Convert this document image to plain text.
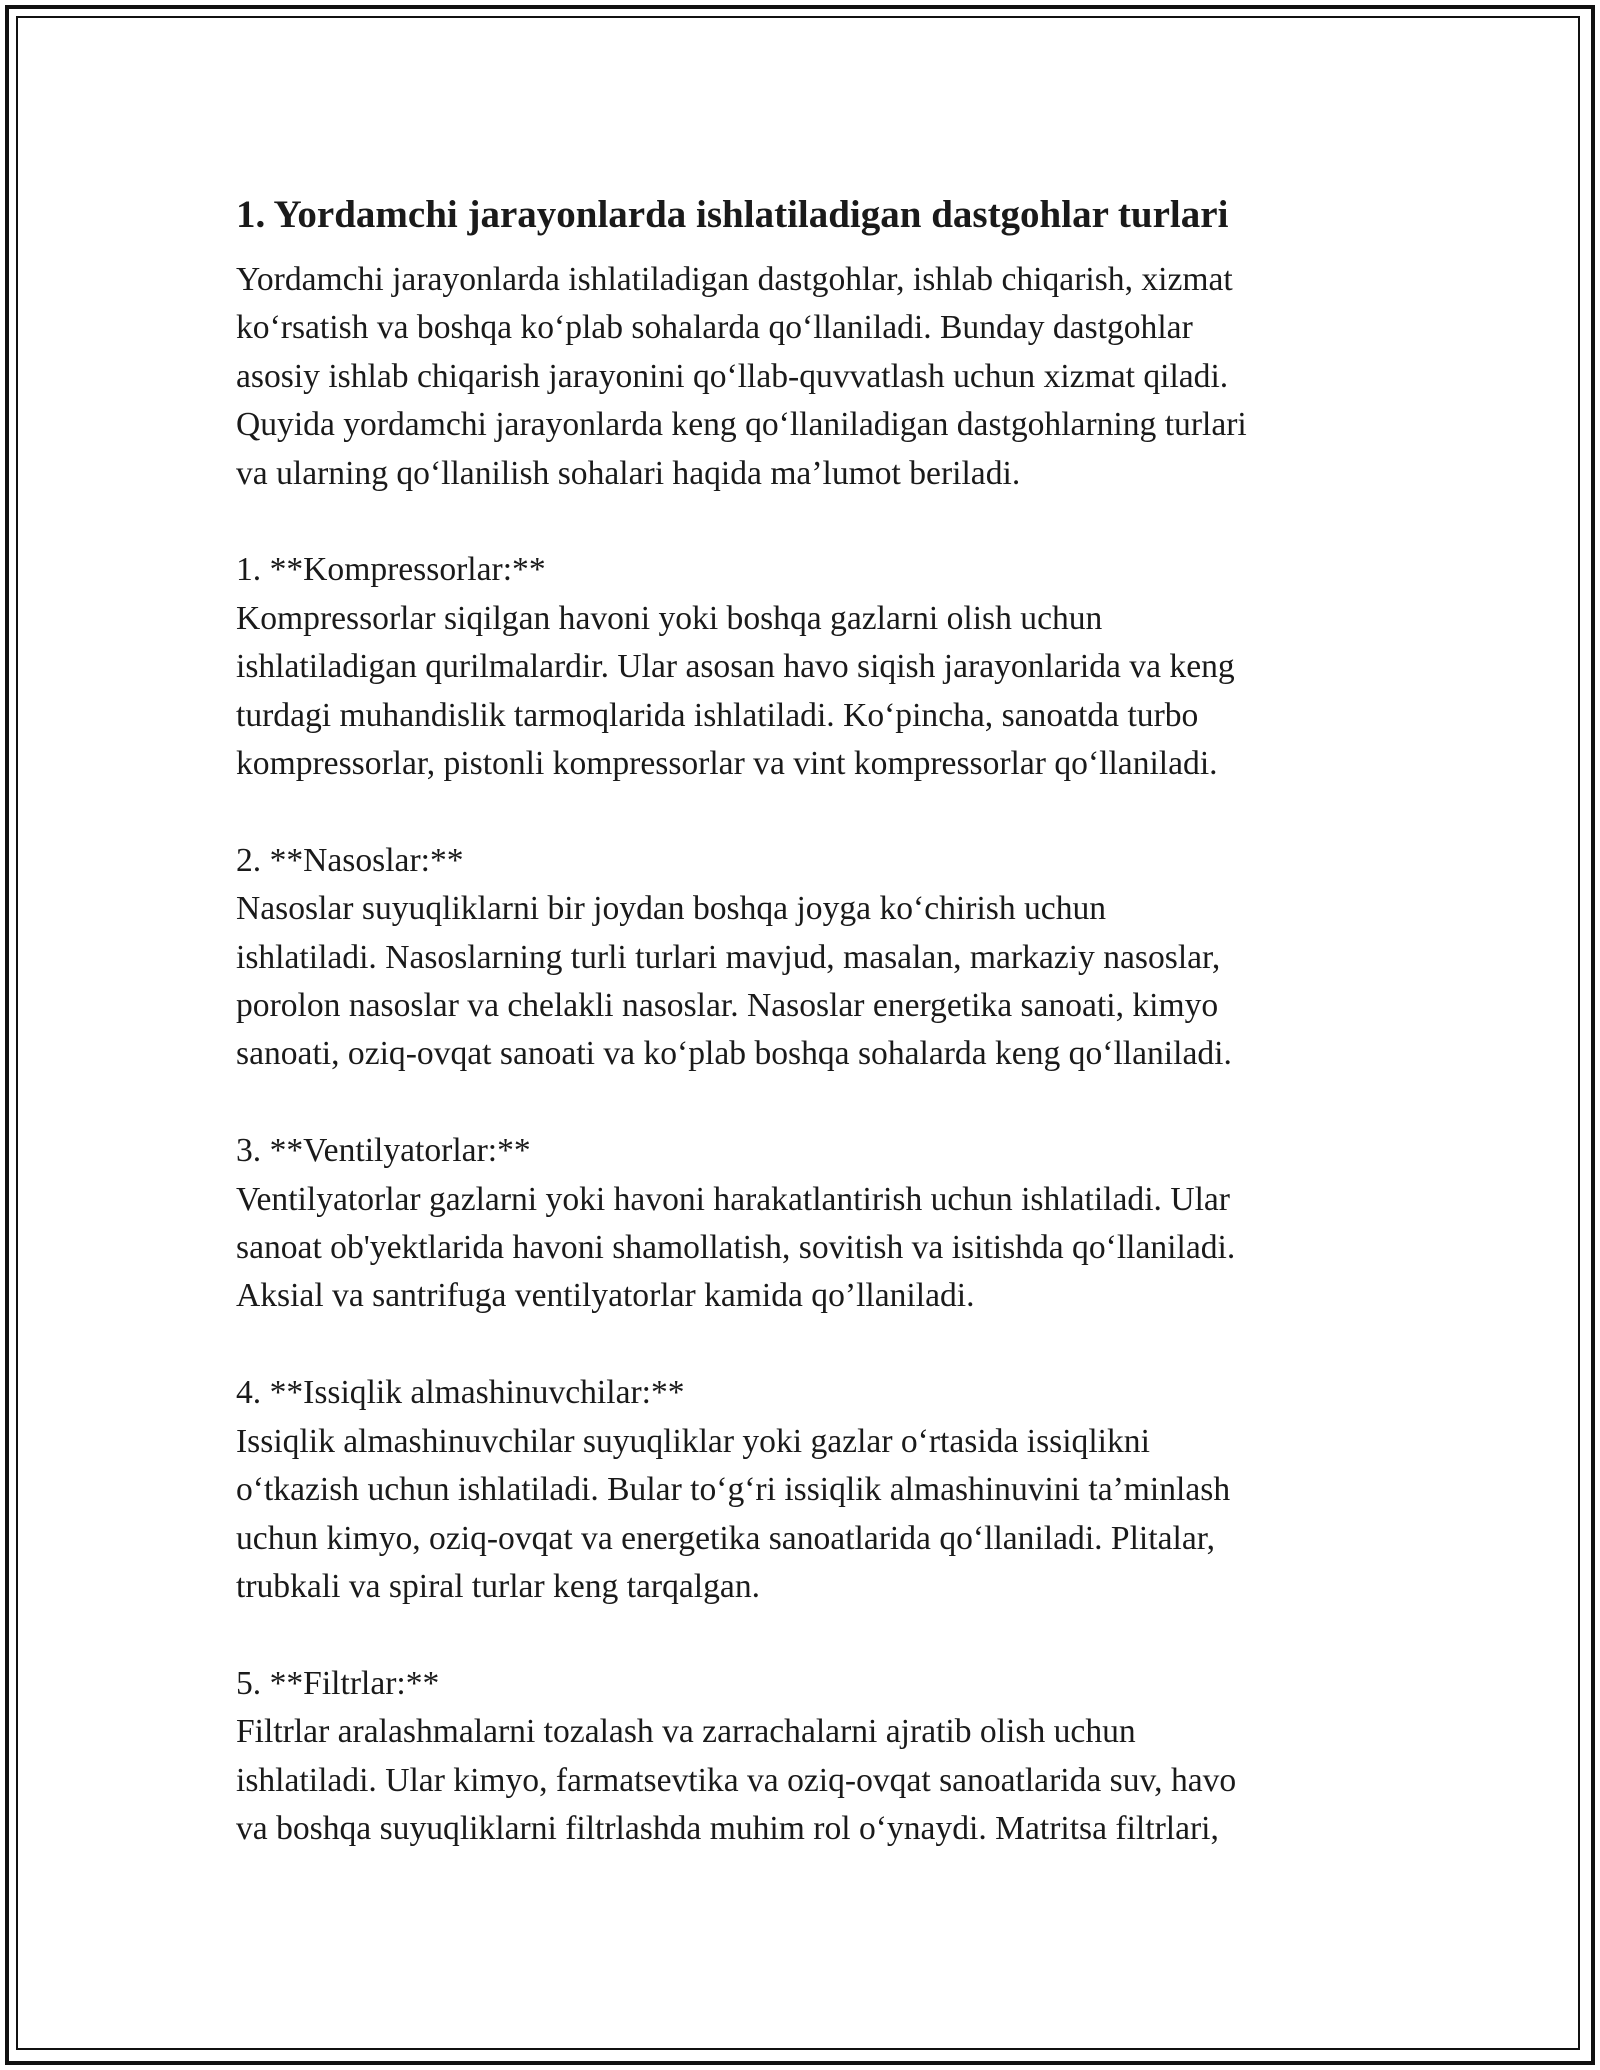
1. Yordamchi jarayonlarda ishlatiladigan dastgohlar turlari

Yordamchi jarayonlarda ishlatiladigan dastgohlar, ishlab chiqarish, xizmat
ko‘rsatish va boshqa ko‘plab sohalarda qo‘llaniladi. Bunday dastgohlar
asosiy ishlab chiqarish jarayonini qo‘llab-quvvatlash uchun xizmat qiladi.
Quyida yordamchi jarayonlarda keng qo‘llaniladigan dastgohlarning turlari
va ularning qo‘llanilish sohalari haqida ma’lumot beriladi.

1. **Kompressorlar:**

Kompressorlar siqilgan havoni yoki boshqa gazlarni olish uchun
ishlatiladigan qurilmalardir. Ular asosan havo siqish jarayonlarida va keng
turdagi muhandislik tarmoqlarida ishlatiladi. Ko‘pincha, sanoatda turbo
kompressorlar, pistonli kompressorlar va vint kompressorlar qo‘llaniladi.

2. **Nasoslar:**

Nasoslar suyuqliklarni bir joydan boshqa joyga ko‘chirish uchun
ishlatiladi. Nasoslarning turli turlari mavjud, masalan, markaziy nasoslar,
porolon nasoslar va chelakli nasoslar. Nasoslar energetika sanoati, kimyo
sanoati, oziq-ovqat sanoati va ko‘plab boshqa sohalarda keng qo‘llaniladi.

3. **Ventilyatorlar:**

Ventilyatorlar gazlarni yoki havoni harakatlantirish uchun ishlatiladi. Ular
sanoat ob'yektlarida havoni shamollatish, sovitish va isitishda qo‘llaniladi.
Aksial va santrifuga ventilyatorlar kamida qo’llaniladi.

4. **Issiqlik almashinuvchilar:**

Issiqlik almashinuvchilar suyuqliklar yoki gazlar o‘rtasida issiqlikni
o‘tkazish uchun ishlatiladi. Bular to‘g‘ri issiqlik almashinuvini ta’minlash
uchun kimyo, oziq-ovqat va energetika sanoatlarida qo‘llaniladi. Plitalar,
trubkali va spiral turlar keng tarqalgan.

5. **Filtrlar:**

Filtrlar aralashmalarni tozalash va zarrachalarni ajratib olish uchun
ishlatiladi. Ular kimyo, farmatsevtika va oziq-ovqat sanoatlarida suv, havo
va boshqa suyuqliklarni filtrlashda muhim rol o‘ynaydi. Matritsa filtrlari,
